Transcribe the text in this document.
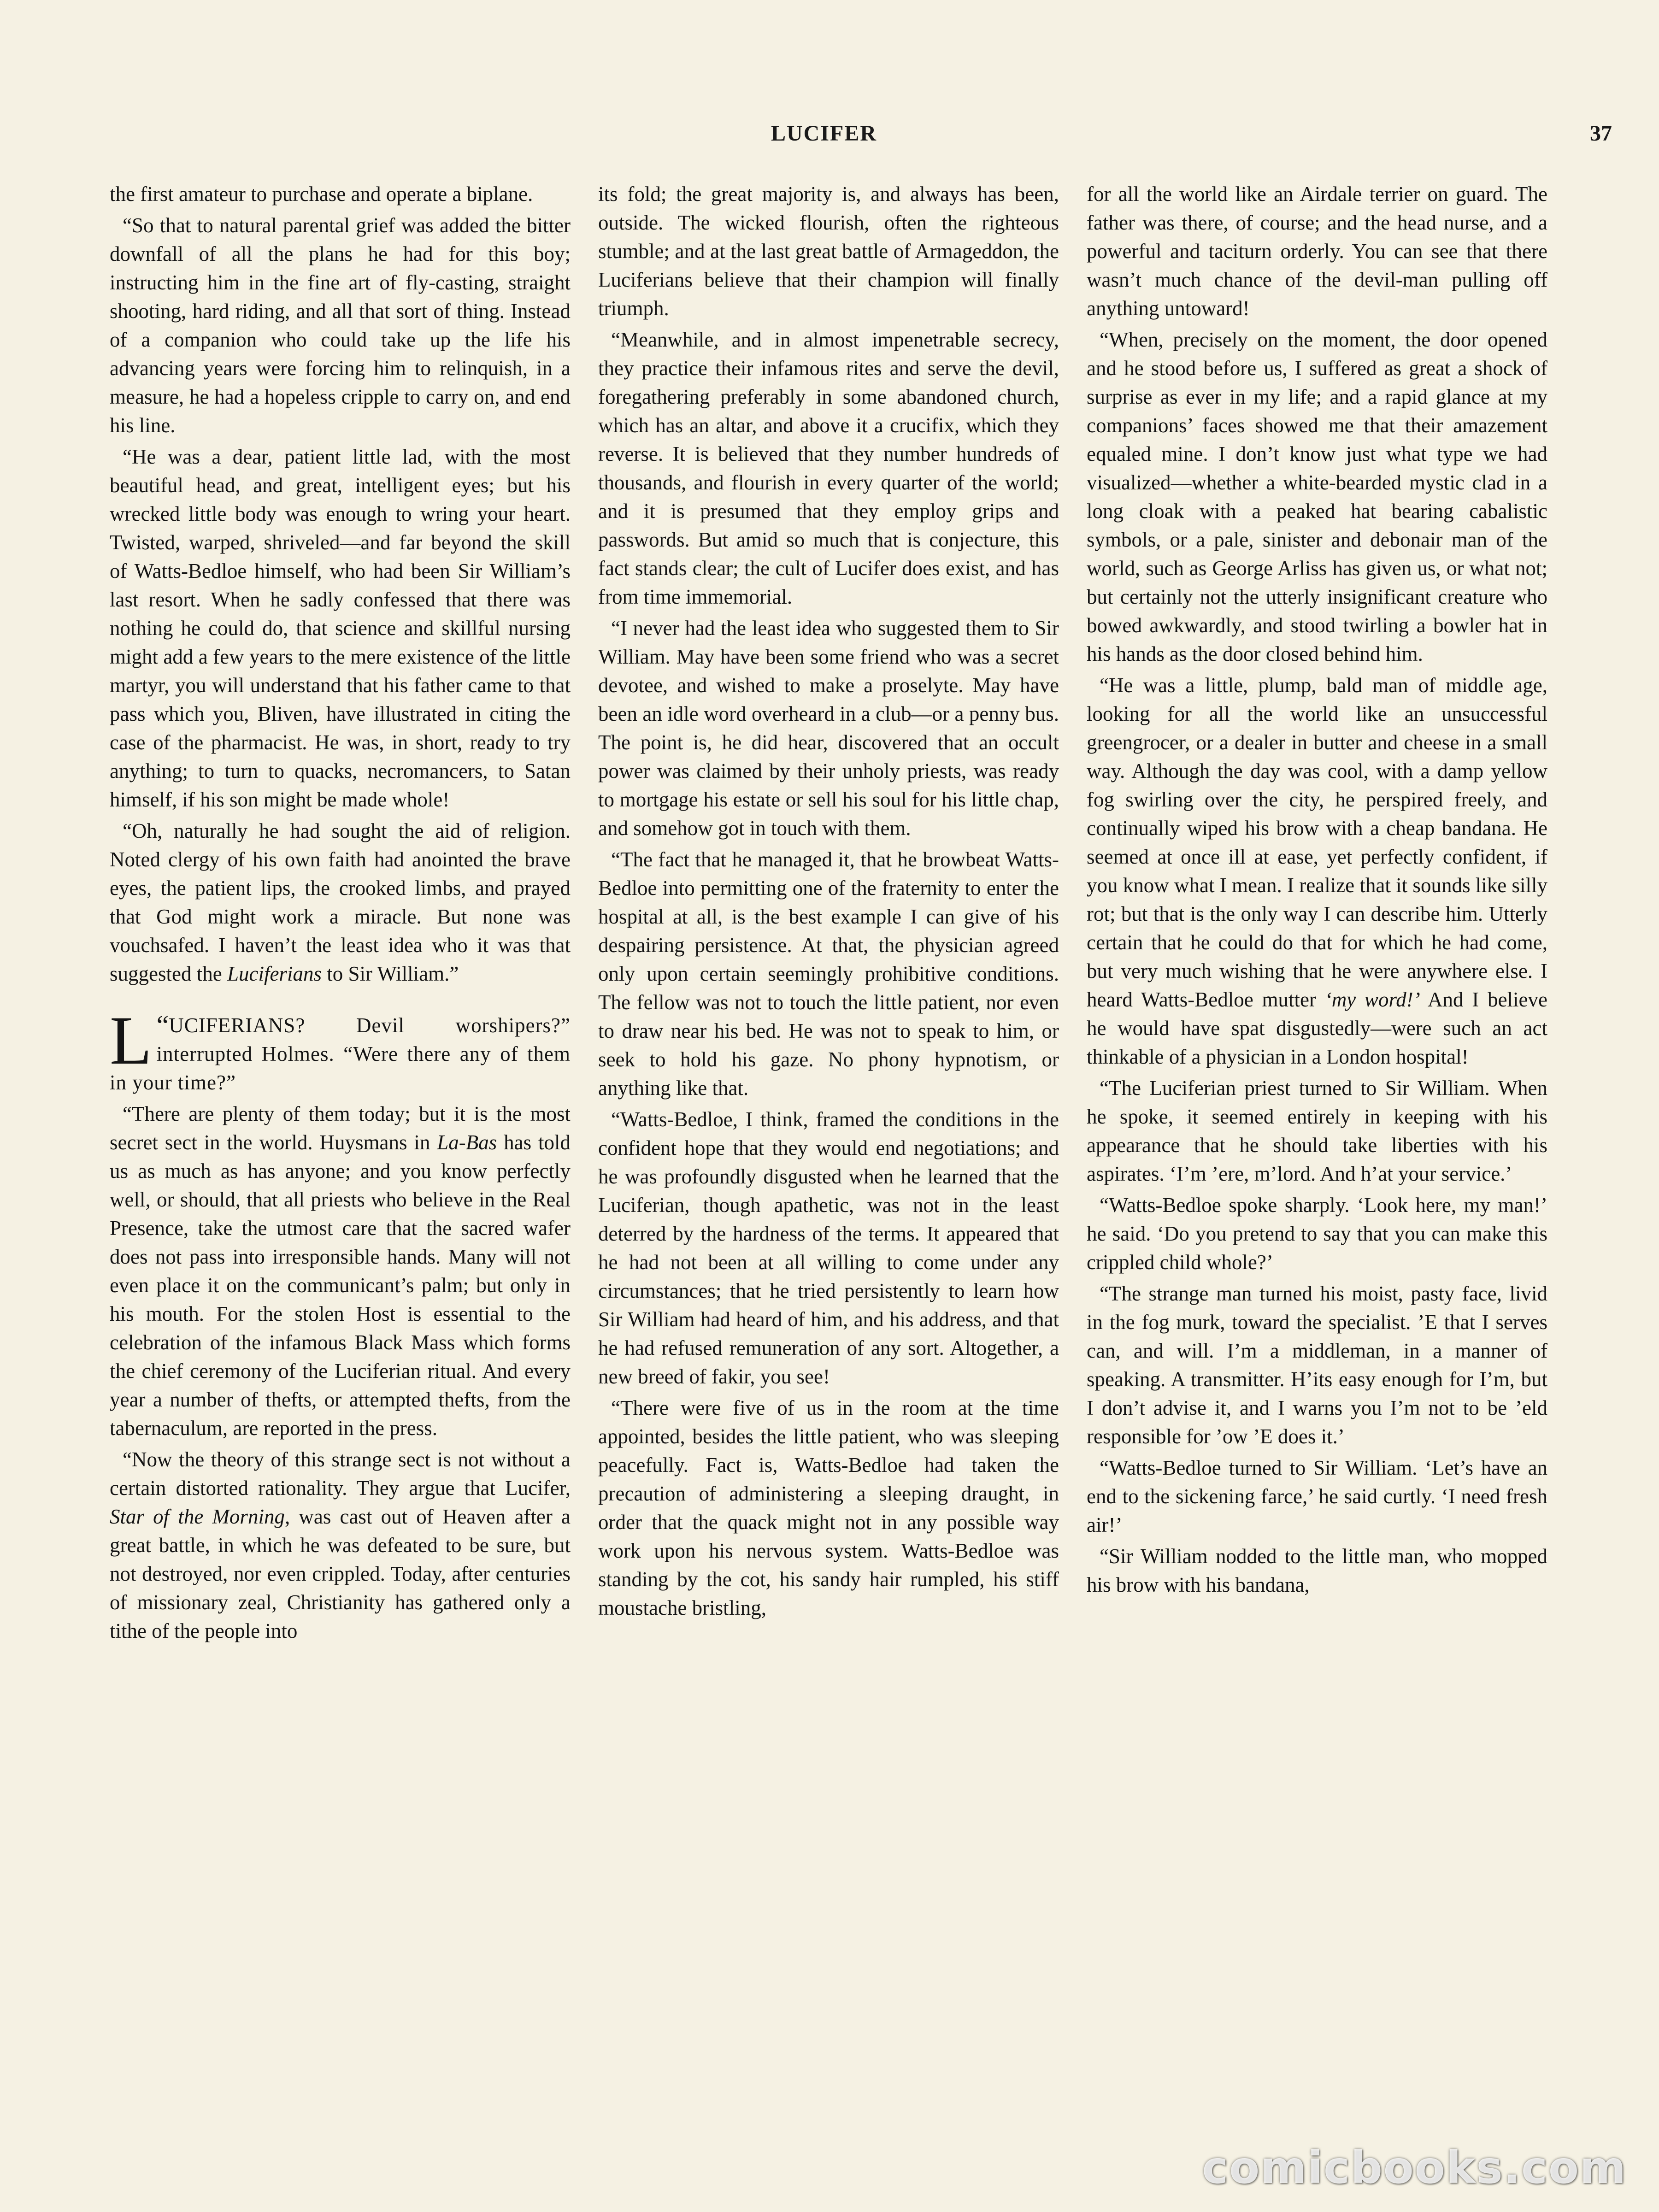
LUCIFER	37

the first amateur to purchase and operate a biplane.

“So that to natural parental grief was added the bitter downfall of all the plans he had for this boy; instructing him in the fine art of fly-casting, straight shooting, hard riding, and all that sort of thing. Instead of a companion who could take up the life his advancing years were forcing him to relinquish, in a measure, he had a hopeless cripple to carry on, and end his line.

“He was a dear, patient little lad, with the most beautiful head, and great, intelligent eyes; but his wrecked little body was enough to wring your heart. Twisted, warped, shriveled—and far beyond the skill of Watts-Bedloe himself, who had been Sir William’s last resort. When he sadly confessed that there was nothing he could do, that science and skillful nursing might add a few years to the mere existence of the little martyr, you will understand that his father came to that pass which you, Bliven, have illustrated in citing the case of the pharmacist. He was, in short, ready to try anything; to turn to quacks, necromancers, to Satan himself, if his son might be made whole!

“Oh, naturally he had sought the aid of religion. Noted clergy of his own faith had anointed the brave eyes, the patient lips, the crooked limbs, and prayed that God might work a miracle. But none was vouchsafed. I haven’t the least idea who it was that suggested the Luciferians to Sir William.”

“
L UCIFERIANS? Devil worshipers?” interrupted Holmes. “Were there any of them in your time?”

“There are plenty of them today; but it is the most secret sect in the world. Huysmans in La-Bas has told us as much as has anyone; and you know perfectly well, or should, that all priests who believe in the Real Presence, take the utmost care that the sacred wafer does not pass into irresponsible hands. Many will not even place it on the communicant’s palm; but only in his mouth. For the stolen Host is essential to the celebration of the infamous Black Mass which forms the chief ceremony of the Luciferian ritual. And every year a number of thefts, or attempted thefts, from the tabernaculum, are reported in the press.

“Now the theory of this strange sect is not without a certain distorted rationality. They argue that Lucifer, Star of the Morning, was cast out of Heaven after a great battle, in which he was defeated to be sure, but not destroyed, nor even crippled. Today, after centuries of missionary zeal, Christianity has gathered only a tithe of the people into

its fold; the great majority is, and always has been, outside. The wicked flourish, often the righteous stumble; and at the last great battle of Armageddon, the Luciferians believe that their champion will finally triumph.

“Meanwhile, and in almost impenetrable secrecy, they practice their infamous rites and serve the devil, foregathering preferably in some abandoned church, which has an altar, and above it a crucifix, which they reverse. It is believed that they number hundreds of thousands, and flourish in every quarter of the world; and it is presumed that they employ grips and passwords. But amid so much that is conjecture, this fact stands clear; the cult of Lucifer does exist, and has from time immemorial.

“I never had the least idea who suggested them to Sir William. May have been some friend who was a secret devotee, and wished to make a proselyte. May have been an idle word overheard in a club—or a penny bus. The point is, he did hear, discovered that an occult power was claimed by their unholy priests, was ready to mortgage his estate or sell his soul for his little chap, and somehow got in touch with them.

“The fact that he managed it, that he browbeat Watts-Bedloe into permitting one of the fraternity to enter the hospital at all, is the best example I can give of his despairing persistence. At that, the physician agreed only upon certain seemingly prohibitive conditions. The fellow was not to touch the little patient, nor even to draw near his bed. He was not to speak to him, or seek to hold his gaze. No phony hypnotism, or anything like that.

“Watts-Bedloe, I think, framed the conditions in the confident hope that they would end negotiations; and he was profoundly disgusted when he learned that the Luciferian, though apathetic, was not in the least deterred by the hardness of the terms. It appeared that he had not been at all willing to come under any circumstances; that he tried persistently to learn how Sir William had heard of him, and his address, and that he had refused remuneration of any sort. Altogether, a new breed of fakir, you see!

“There were five of us in the room at the time appointed, besides the little patient, who was sleeping peacefully. Fact is, Watts-Bedloe had taken the precaution of administering a sleeping draught, in order that the quack might not in any possible way work upon his nervous system. Watts-Bedloe was standing by the cot, his sandy hair rumpled, his stiff moustache bristling,

for all the world like an Airdale terrier on guard. The father was there, of course; and the head nurse, and a powerful and taciturn orderly. You can see that there wasn’t much chance of the devil-man pulling off anything untoward!

“When, precisely on the moment, the door opened and he stood before us, I suffered as great a shock of surprise as ever in my life; and a rapid glance at my companions’ faces showed me that their amazement equaled mine. I don’t know just what type we had visualized—whether a white-bearded mystic clad in a long cloak with a peaked hat bearing cabalistic symbols, or a pale, sinister and debonair man of the world, such as George Arliss has given us, or what not; but certainly not the utterly insignificant creature who bowed awkwardly, and stood twirling a bowler hat in his hands as the door closed behind him.

“He was a little, plump, bald man of middle age, looking for all the world like an unsuccessful greengrocer, or a dealer in butter and cheese in a small way. Although the day was cool, with a damp yellow fog swirling over the city, he perspired freely, and continually wiped his brow with a cheap bandana. He seemed at once ill at ease, yet perfectly confident, if you know what I mean. I realize that it sounds like silly rot; but that is the only way I can describe him. Utterly certain that he could do that for which he had come, but very much wishing that he were anywhere else. I heard Watts-Bedloe mutter ‘my word!’ And I believe he would have spat disgustedly—were such an act thinkable of a physician in a London hospital!

“The Luciferian priest turned to Sir William. When he spoke, it seemed entirely in keeping with his appearance that he should take liberties with his aspirates. ‘I’m ’ere, m’lord. And h’at your service.’

“Watts-Bedloe spoke sharply. ‘Look here, my man!’ he said. ‘Do you pretend to say that you can make this crippled child whole?’

“The strange man turned his moist, pasty face, livid in the fog murk, toward the specialist. ’E that I serves can, and will. I’m a middleman, in a manner of speaking. A transmitter. H’its easy enough for I’m, but I don’t advise it, and I warns you I’m not to be ’eld responsible for ’ow ’E does it.’

“Watts-Bedloe turned to Sir William. ‘Let’s have an end to the sickening farce,’ he said curtly. ‘I need fresh air!’

“Sir William nodded to the little man, who mopped his brow with his bandana,

comicbooks.com
